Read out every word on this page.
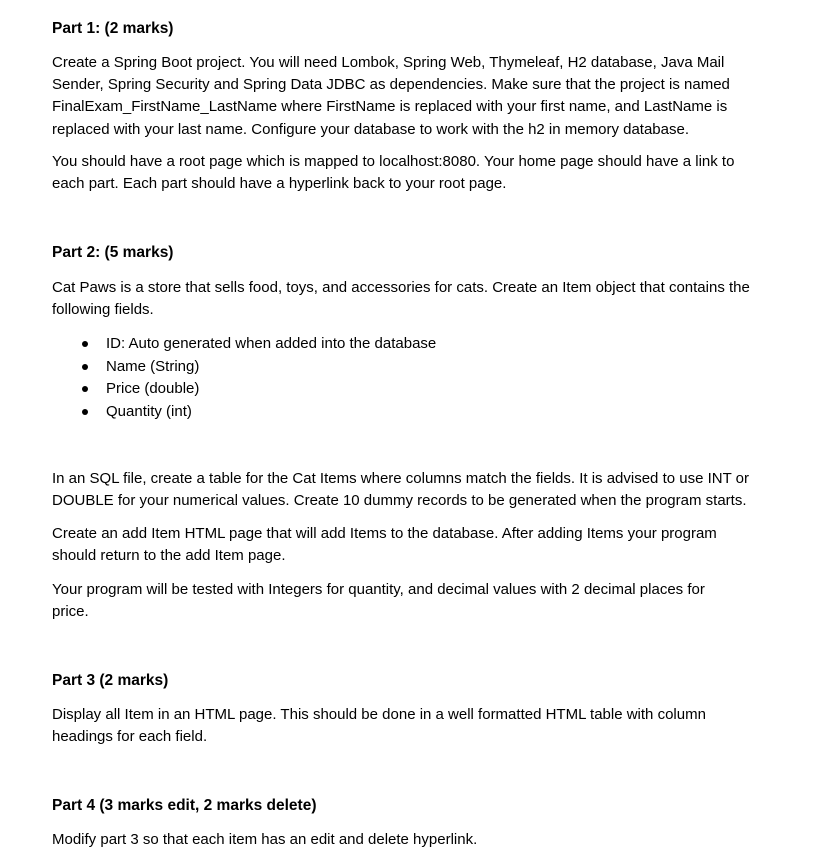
Part 1: (2 marks)

Create a Spring Boot project. You will need Lombok, Spring Web, Thymeleaf, H2 database, Java Mail
Sender, Spring Security and Spring Data JDBC as dependencies. Make sure that the project is named
FinalExam_FirstName_LastName where FirstName is replaced with your first name, and LastName is
replaced with your last name. Configure your database to work with the h2 in memory database.

You should have a root page which is mapped to localhost:8080. Your home page should have a link to
each part. Each part should have a hyperlink back to your root page.

Part 2: (5 marks)

Cat Paws is a store that sells food, toys, and accessories for cats. Create an Item object that contains the
following fields.

ID: Auto generated when added into the database
Name (String)
Price (double)
Quantity (int)

In an SQL file, create a table for the Cat Items where columns match the fields. It is advised to use INT or
DOUBLE for your numerical values. Create 10 dummy records to be generated when the program starts.

Create an add Item HTML page that will add Items to the database. After adding Items your program
should return to the add Item page.

Your program will be tested with Integers for quantity, and decimal values with 2 decimal places for
price.

Part 3 (2 marks)

Display all Item in an HTML page. This should be done in a well formatted HTML table with column
headings for each field.

Part 4 (3 marks edit, 2 marks delete)

Modify part 3 so that each item has an edit and delete hyperlink.
